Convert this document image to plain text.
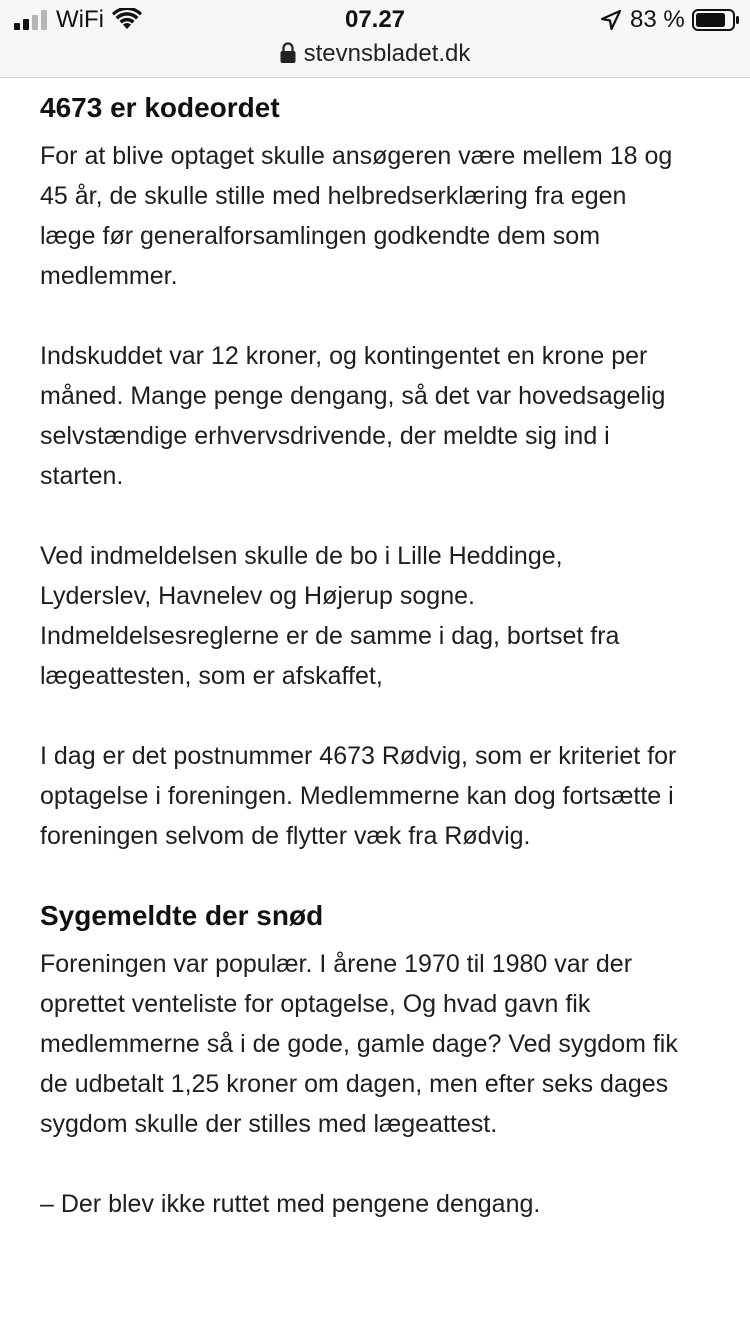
WiFi	07.27	83 %
stevnsbladet.dk
4673 er kodeordet

For at blive optaget skulle ansøgeren være mellem 18 og 45 år, de skulle stille med helbredserklæring fra egen læge før generalforsamlingen godkendte dem som medlemmer.

Indskuddet var 12 kroner, og kontingentet en krone per måned. Mange penge dengang, så det var hovedsagelig selvstændige erhvervsdrivende, der meldte sig ind i starten.

Ved indmeldelsen skulle de bo i Lille Heddinge, Lyderslev, Havnelev og Højerup sogne. Indmeldelsesreglerne er de samme i dag, bortset fra lægeattesten, som er afskaffet,

I dag er det postnummer 4673 Rødvig, som er kriteriet for optagelse i foreningen. Medlemmerne kan dog fortsætte i foreningen selvom de flytter væk fra Rødvig.

Sygemeldte der snød

Foreningen var populær. I årene 1970 til 1980 var der oprettet venteliste for optagelse, Og hvad gavn fik medlemmerne så i de gode, gamle dage? Ved sygdom fik de udbetalt 1,25 kroner om dagen, men efter seks dages sygdom skulle der stilles med lægeattest.

– Der blev ikke ruttet med pengene dengang.
